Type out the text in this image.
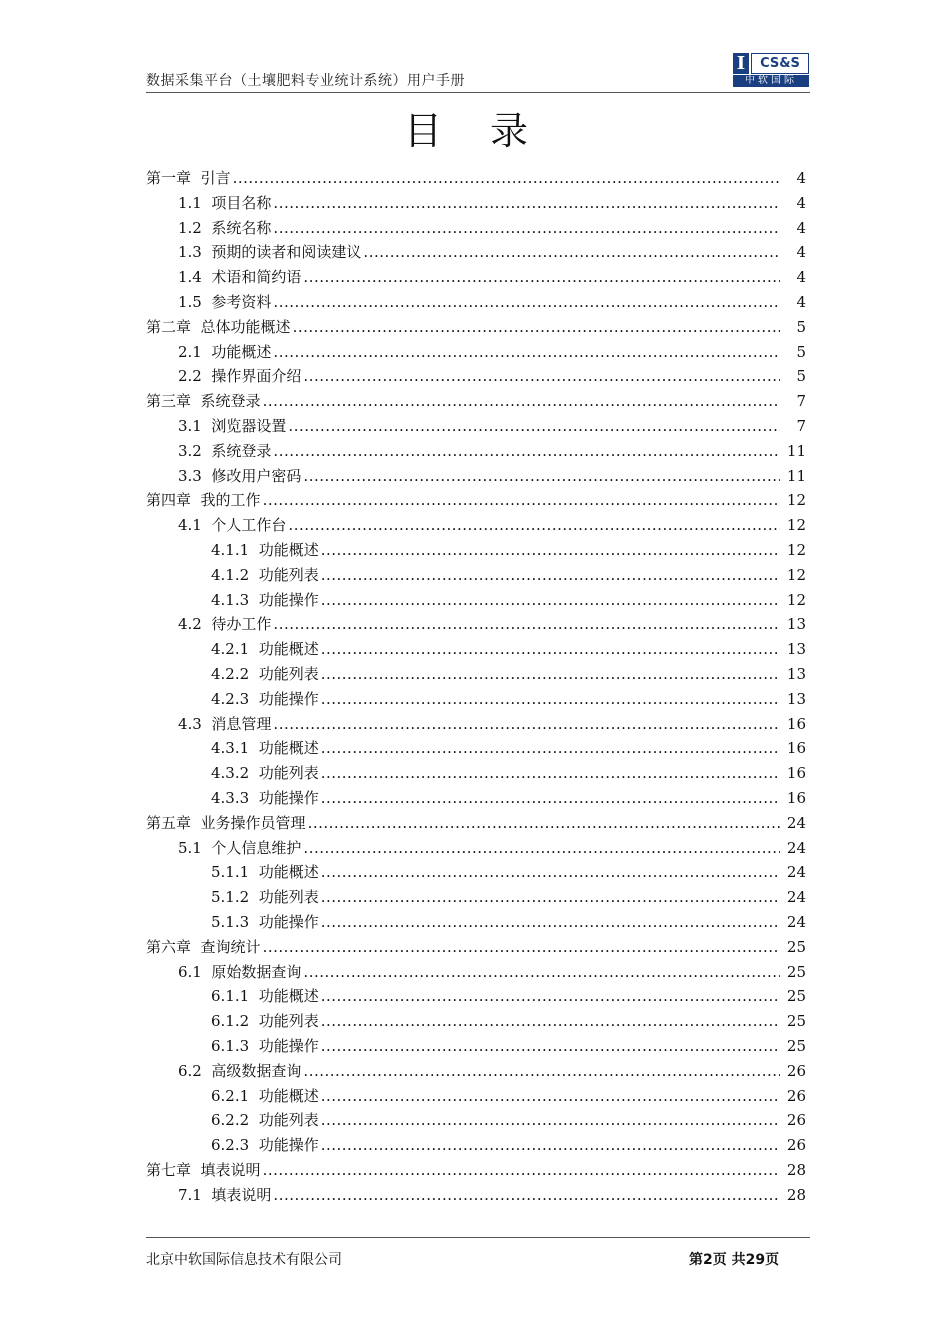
数据采集平台（土壤肥料专业统计系统）用户手册
I	CS&S
中软国际
目 录
第一章 引言 .....	4
1.1 项目名称 .....	4
1.2 系统名称 .....	4
1.3 预期的读者和阅读建议 .....	4
1.4 术语和简约语 .....	4
1.5 参考资料 .....	4
第二章 总体功能概述 .....	5
2.1 功能概述 .....	5
2.2 操作界面介绍 .....	5
第三章 系统登录 .....	7
3.1 浏览器设置 .....	7
3.2 系统登录 .....	11
3.3 修改用户密码 .....	11
第四章 我的工作 .....	12
4.1 个人工作台 .....	12
4.1.1 功能概述 .....	12
4.1.2 功能列表 .....	12
4.1.3 功能操作 .....	12
4.2 待办工作 .....	13
4.2.1 功能概述 .....	13
4.2.2 功能列表 .....	13
4.2.3 功能操作 .....	13
4.3 消息管理 .....	16
4.3.1 功能概述 .....	16
4.3.2 功能列表 .....	16
4.3.3 功能操作 .....	16
第五章 业务操作员管理 .....	24
5.1 个人信息维护 .....	24
5.1.1 功能概述 .....	24
5.1.2 功能列表 .....	24
5.1.3 功能操作 .....	24
第六章 查询统计 .....	25
6.1 原始数据查询 .....	25
6.1.1 功能概述 .....	25
6.1.2 功能列表 .....	25
6.1.3 功能操作 .....	25
6.2 高级数据查询 .....	26
6.2.1 功能概述 .....	26
6.2.2 功能列表 .....	26
6.2.3 功能操作 .....	26
第七章 填表说明 .....	28
7.1 填表说明 .....	28
北京中软国际信息技术有限公司	第2页 共29页
